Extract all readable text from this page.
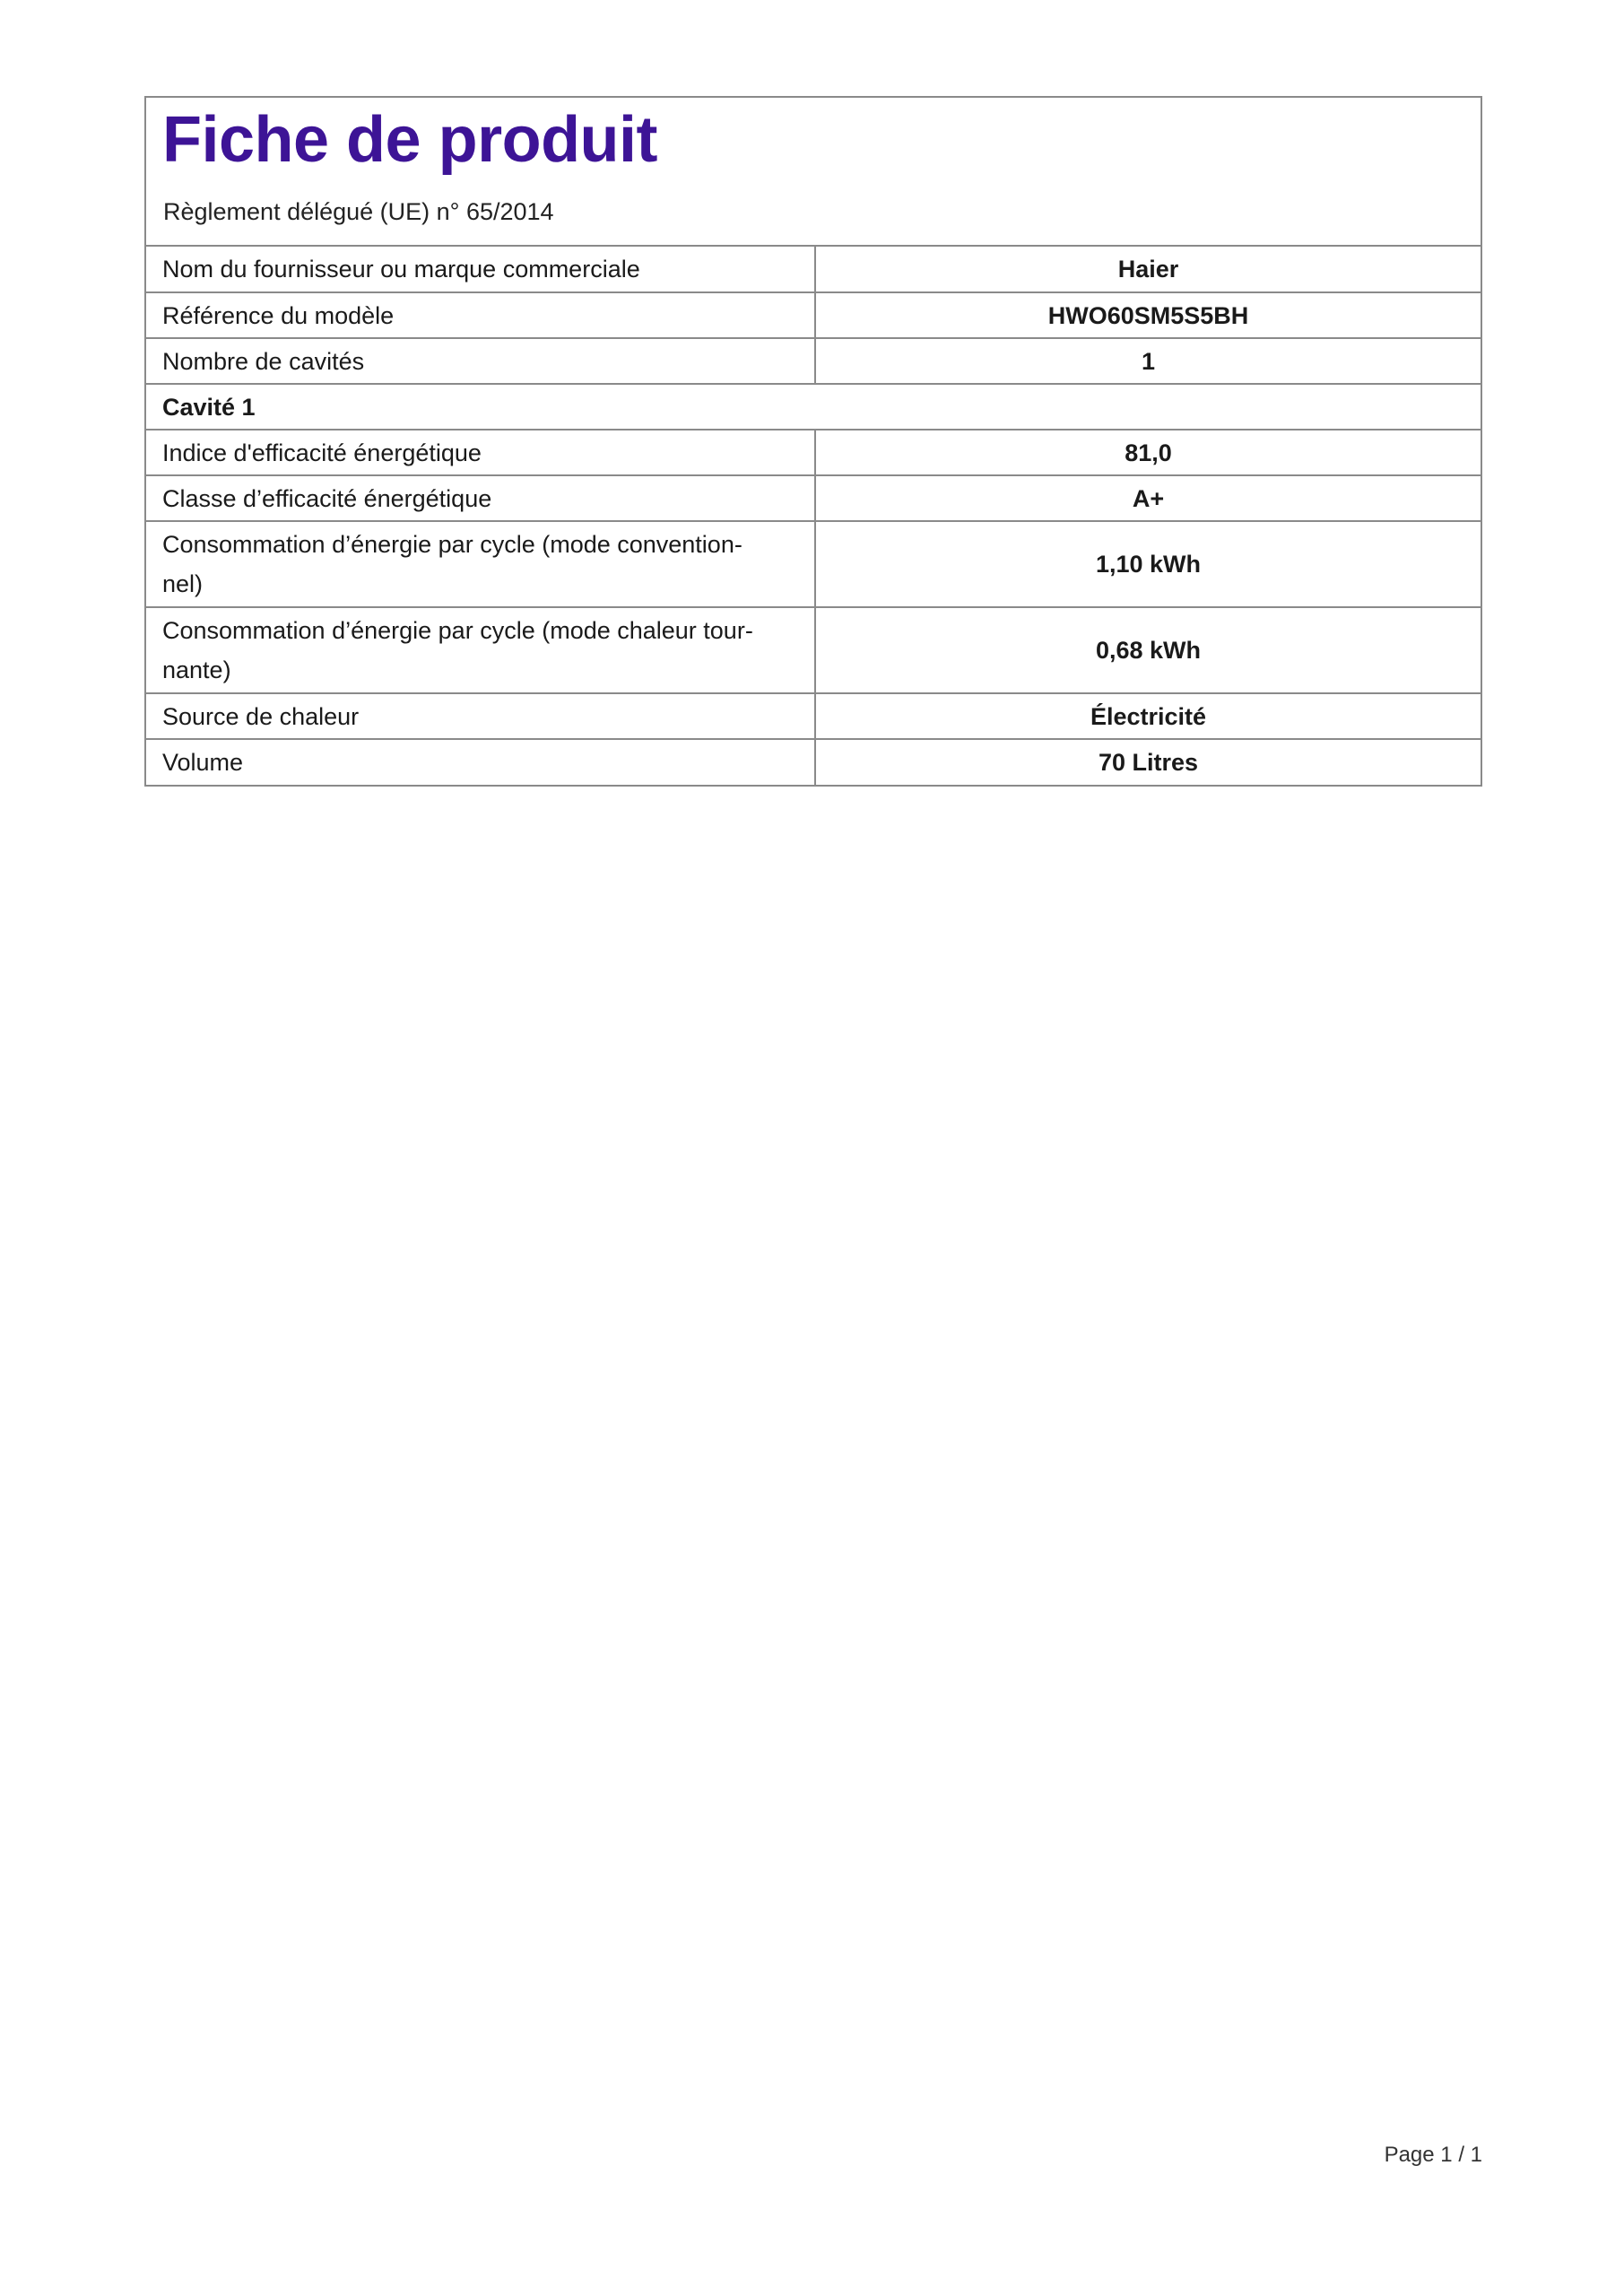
Fiche de produit

Règlement délégué (UE) n° 65/2014

Nom du fournisseur ou marque commerciale	Haier
Référence du modèle	HWO60SM5S5BH
Nombre de cavités	1
Cavité 1	
Indice d'efficacité énergétique	81,0
Classe d’efficacité énergétique	A+
Consommation d’énergie par cycle (mode convention-
nel)	1,10 kWh
Consommation d’énergie par cycle (mode chaleur tour-
nante)	0,68 kWh
Source de chaleur	Électricité
Volume	70 Litres
Page 1 / 1
